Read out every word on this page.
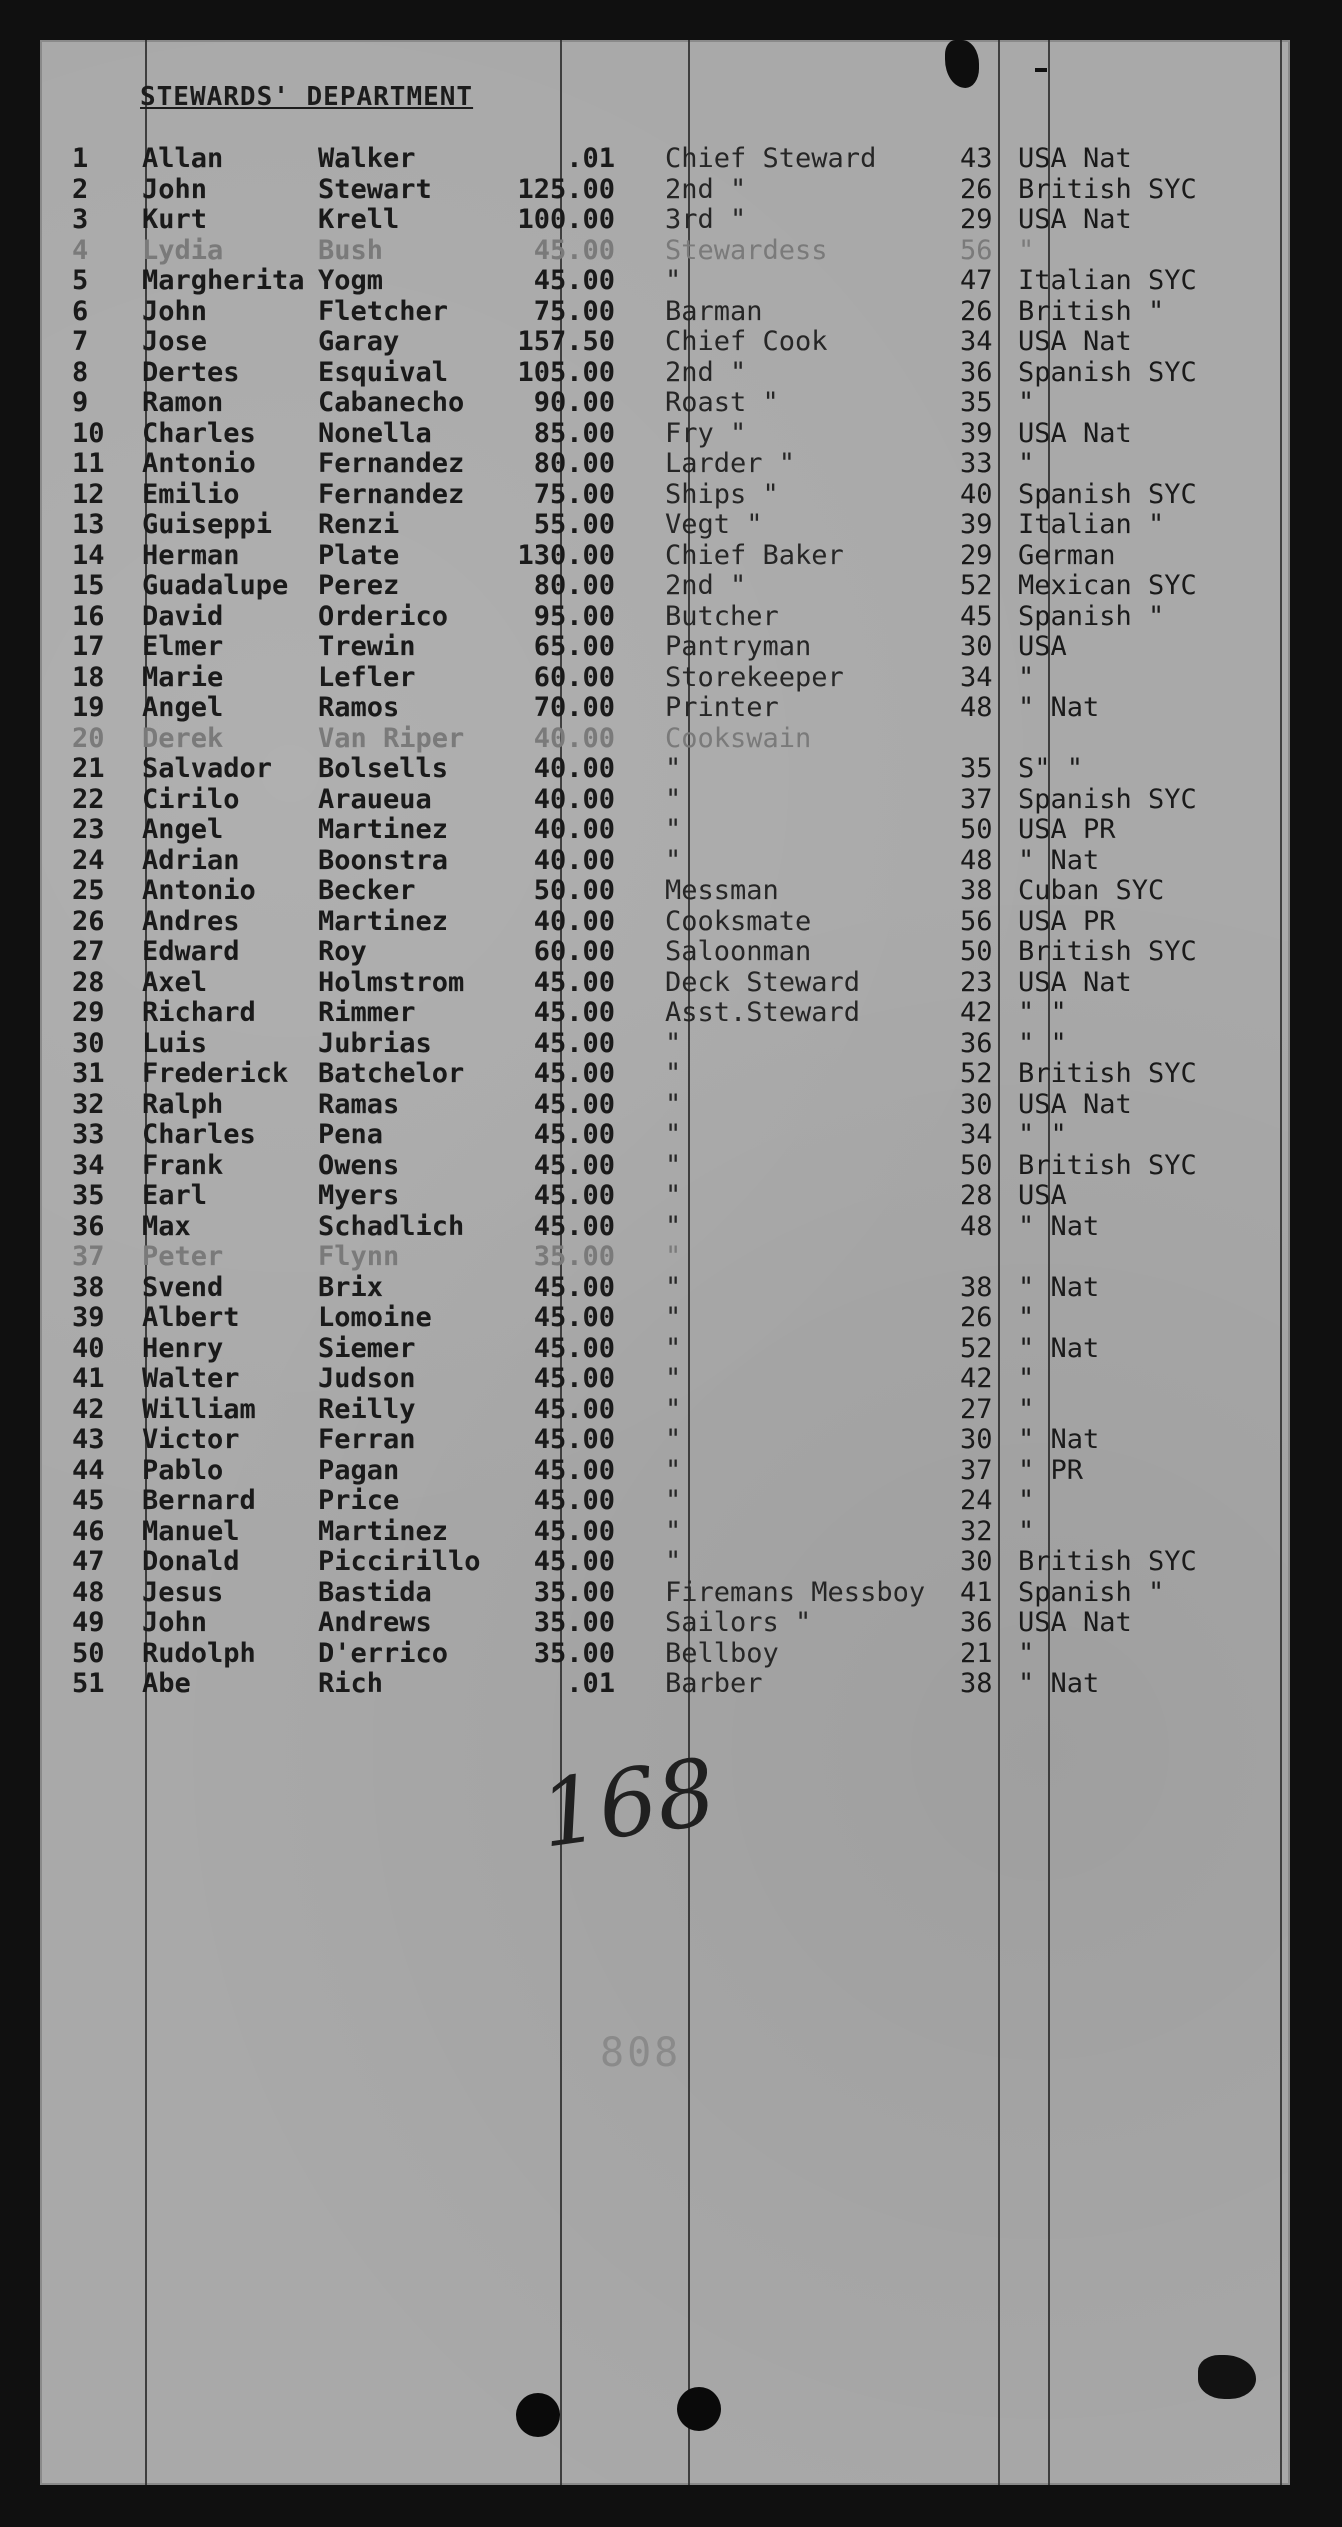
STEWARDS' DEPARTMENT
1	Allan	Walker	.01 Chief Steward	43 USA Nat
2	John	Stewart	125.00 2nd "	26 British SYC
3	Kurt	Krell	100.00 3rd "	29 USA Nat
4	Lydia	Bush	45.00 Stewardess	56 "
5	Margherita Yogm	45.00 "	47 Italian SYC
6	John	Fletcher	75.00 Barman	26 British "
7	Jose	Garay	157.50 Chief Cook	34 USA Nat
8	Dertes	Esquival	105.00 2nd "	36 Spanish SYC
9	Ramon	Cabanecho	90.00 Roast "	35 "
10	Charles	Nonella	85.00 Fry "	39 USA Nat
11	Antonio	Fernandez	80.00 Larder "	33 "
12	Emilio	Fernandez	75.00 Ships "	40 Spanish SYC
13	Guiseppi	Renzi	55.00 Vegt "	39 Italian "
14	Herman	Plate	130.00 Chief Baker	29 German
15	Guadalupe	Perez	80.00 2nd "	52 Mexican SYC
16	David	Orderico	95.00 Butcher	45 Spanish "
17	Elmer	Trewin	65.00 Pantryman	30 USA
18	Marie	Lefler	60.00 Storekeeper	34 "
19	Angel	Ramos	70.00 Printer	48 " Nat
20	Derek	Van Riper	40.00 Cookswain
21	Salvador	Bolsells	40.00 "	35 S" "
22	Cirilo	Araueua	40.00 "	37 Spanish SYC
23	Angel	Martinez	40.00 "	50 USA PR
24	Adrian	Boonstra	40.00 "	48 " Nat
25	Antonio	Becker	50.00 Messman	38 Cuban SYC
26	Andres	Martinez	40.00 Cooksmate	56 USA PR
27	Edward	Roy	60.00 Saloonman	50 British SYC
28	Axel	Holmstrom	45.00 Deck Steward	23 USA Nat
29	Richard	Rimmer	45.00 Asst.Steward	42 " "
30	Luis	Jubrias	45.00 "	36 " "
31	Frederick	Batchelor	45.00 "	52 British SYC
32	Ralph	Ramas	45.00 "	30 USA Nat
33	Charles	Pena	45.00 "	34 " "
34	Frank	Owens	45.00 "	50 British SYC
35	Earl	Myers	45.00 "	28 USA
36	Max	Schadlich	45.00 "	48 " Nat
37	Peter	Flynn	35.00 "
38	Svend	Brix	45.00 "	38 " Nat
39	Albert	Lomoine	45.00 "	26 "
40	Henry	Siemer	45.00 "	52 " Nat
41	Walter	Judson	45.00 "	42 "
42	William	Reilly	45.00 "	27 "
43	Victor	Ferran	45.00 "	30 " Nat
44	Pablo	Pagan	45.00 "	37 " PR
45	Bernard	Price	45.00 "	24 "
46	Manuel	Martinez	45.00 "	32 "
47	Donald	Piccirillo	45.00 "	30 British SYC
48	Jesus	Bastida	35.00 Firemans Messboy	41 Spanish "
49	John	Andrews	35.00 Sailors "	36 USA Nat
50	Rudolph	D'errico	35.00 Bellboy	21 "
51	Abe	Rich	.01 Barber	38 " Nat
168
808
